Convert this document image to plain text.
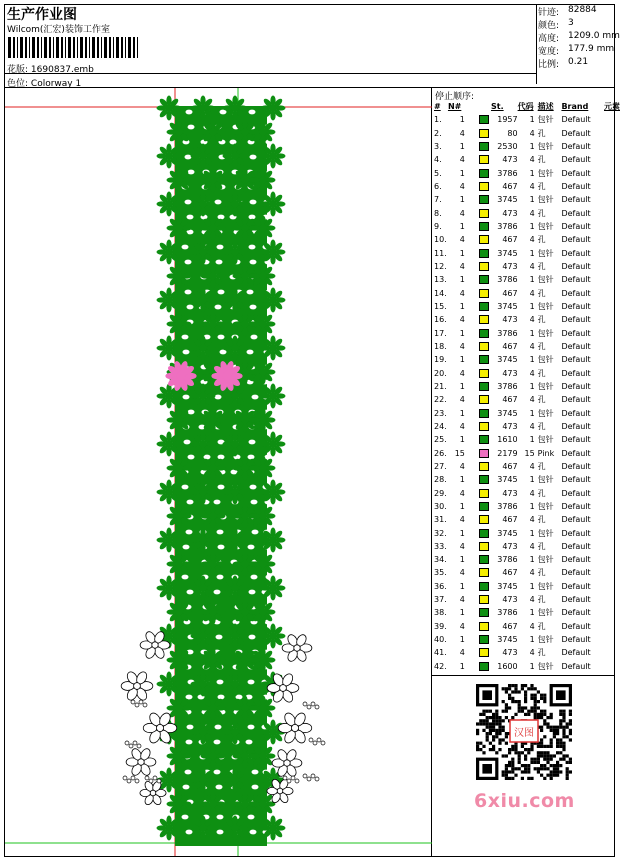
生产作业图
Wilcom(汇宏)装饰工作室
花版: 1690837.emb
色位: Colorway 1
针迹: 82884
颜色: 3
高度: 1209.0 mm
宽度: 177.9 mm
比例: 0.21
停止顺序:
#	N#		St.	代码	描述	Brand	元素
1.	1		1957	1	包针	Default	
2.	4		80	4	孔	Default	
3.	1		2530	1	包针	Default	
4.	4		473	4	孔	Default	
5.	1		3786	1	包针	Default	
6.	4		467	4	孔	Default	
7.	1		3745	1	包针	Default	
8.	4		473	4	孔	Default	
9.	1		3786	1	包针	Default	
10.	4		467	4	孔	Default	
11.	1		3745	1	包针	Default	
12.	4		473	4	孔	Default	
13.	1		3786	1	包针	Default	
14.	4		467	4	孔	Default	
15.	1		3745	1	包针	Default	
16.	4		473	4	孔	Default	
17.	1		3786	1	包针	Default	
18.	4		467	4	孔	Default	
19.	1		3745	1	包针	Default	
20.	4		473	4	孔	Default	
21.	1		3786	1	包针	Default	
22.	4		467	4	孔	Default	
23.	1		3745	1	包针	Default	
24.	4		473	4	孔	Default	
25.	1		1610	1	包针	Default	
26.	15		2179	15	Pink	Default	
27.	4		467	4	孔	Default	
28.	1		3745	1	包针	Default	
29.	4		473	4	孔	Default	
30.	1		3786	1	包针	Default	
31.	4		467	4	孔	Default	
32.	1		3745	1	包针	Default	
33.	4		473	4	孔	Default	
34.	1		3786	1	包针	Default	
35.	4		467	4	孔	Default	
36.	1		3745	1	包针	Default	
37.	4		473	4	孔	Default	
38.	1		3786	1	包针	Default	
39.	4		467	4	孔	Default	
40.	1		3745	1	包针	Default	
41.	4		473	4	孔	Default	
42.	1		1600	1	包针	Default	
汉图
6xiu.com
